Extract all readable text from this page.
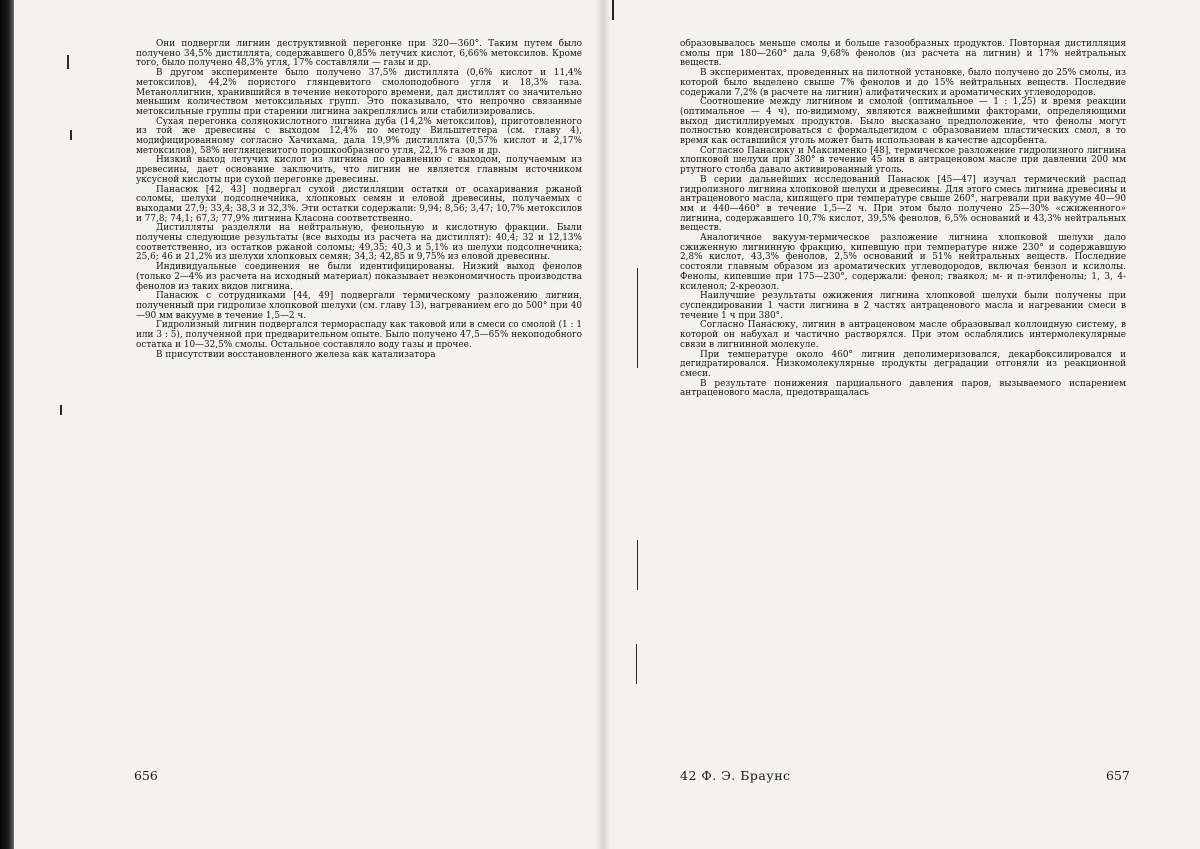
Они подвергли лигнин деструктивной перегонке при 320—360°. Таким путем было получено 34,5% дистиллята, содержавшего 0,85% летучих кислот, 6,66% метоксилов. Кроме того, было получено 48,3% угля, 17% составляли — газы и др.

В другом эксперименте было получено 37,5% дистиллята (0,6% кислот и 11,4% метоксилов), 44,2% пористого глянцевитого смолоподобного угля и 18,3% газа. Метаноллигнин, хранившийся в течение некоторого времени, дал дистиллят со значительно меньшим количеством метоксильных групп. Это показывало, что непрочно связанные метоксильные группы при старении лигнина закреплялись или стабилизировались.

Сухая перегонка солянокислотного лигнина дуба (14,2% метоксилов), приготовленного из той же древесины с выходом 12,4% по методу Вильштеттера (см. главу 4), модифицированному согласно Хачихама, дала 19,9% дистиллята (0,57% кислот и 2,17% метоксилов), 58% неглянцевитого порошкообразного угля, 22,1% газов и др.

Низкий выход летучих кислот из лигнина по сравнению с выходом, получаемым из древесины, дает основание заключить, что лигнин не является главным источником уксусной кислоты при сухой перегонке древесины.

Панасюк [42, 43] подвергал сухой дистилляции остатки от осахаривания ржаной соломы, шелухи подсолнечника, хлопковых семян и еловой древесины, получаемых с выходами 27,9; 33,4; 38,3 и 32,3%. Эти остатки содержали: 9,94; 8,56; 3,47; 10,7% метоксилов и 77,8; 74,1; 67,3; 77,9% лигнина Класона соответственно.

Дистилляты разделяли на нейтральную, фенольную и кислотную фракции. Были получены следующие результаты (все выходы из расчета на дистиллят): 40,4; 32 и 12,13% соответственно, из остатков ржаной соломы; 49,35; 40,3 и 5,1% из шелухи подсолнечника; 25,6; 46 и 21,2% из шелухи хлопковых семян; 34,3; 42,85 и 9,75% из еловой древесины.

Индивидуальные соединения не были идентифицированы. Низкий выход фенолов (только 2—4% из расчета на исходный материал) показывает неэкономичность производства фенолов из таких видов лигнина.

Панасюк с сотрудниками [44, 49] подвергали термическому разложению лигнин, полученный при гидролизе хлопковой шелухи (см. главу 13), нагреванием его до 500° при 40—90 мм вакууме в течение 1,5—2 ч.

Гидролизный лигнин подвергался термораспаду как таковой или в смеси со смолой (1 : 1 или 3 : 5), полученной при предварительном опыте. Было получено 47,5—65% некоподобного остатка и 10—32,5% смолы. Остальное составляло воду газы и прочее.

В присутствии восстановленного железа как катализатора

656

образовывалось меньше смолы и больше газообразных продуктов. Повторная дистилляция смолы при 180—260° дала 9,68% фенолов (из расчета на лигнин) и 17% нейтральных веществ.

В экспериментах, проведенных на пилотной установке, было получено до 25% смолы, из которой было выделено свыше 7% фенолов и до 15% нейтральных веществ. Последние содержали 7,2% (в расчете на лигнин) алифатических и ароматических углеводородов.

Соотношение между лигнином и смолой (оптимальное — 1 : 1,25) и время реакции (оптимальное — 4 ч), по-видимому, являются важнейшими факторами, определяющими выход дистиллируемых продуктов. Было высказано предположение, что фенолы могут полностью конденсироваться с формальдегидом с образованием пластических смол, в то время как оставшийся уголь может быть использован в качестве адсорбента.

Согласно Панасюку и Максименко [48], термическое разложение гидролизного лигнина хлопковой шелухи при 380° в течение 45 мин в антраценовом масле при давлении 200 мм ртутного столба давало активированный уголь.

В серии дальнейших исследований Панасюк [45—47] изучал термический распад гидролизного лигнина хлопковой шелухи и древесины. Для этого смесь лигнина древесины и антраценового масла, кипящего при температуре свыше 260°, нагревали при вакууме 40—90 мм и 440—460° в течение 1,5—2 ч. При этом было получено 25—30% «сжиженного» лигнина, содержавшего 10,7% кислот, 39,5% фенолов, 6,5% оснований и 43,3% нейтральных веществ.

Аналогичное вакуум-термическое разложение лигнина хлопковой шелухи дало сжиженную лигнинную фракцию, кипевшую при температуре ниже 230° и содержавшую 2,8% кислот, 43,3% фенолов, 2,5% оснований и 51% нейтральных веществ. Последние состояли главным образом из ароматических углеводородов, включая бензол и ксилолы. Фенолы, кипевшие при 175—230°, содержали: фенол; гваякол; м- и п-этилфенолы; 1, 3, 4-ксиленол; 2-креозол.

Наилучшие результаты ожижения лигнина хлопковой шелухи были получены при суспендировании 1 части лигнина в 2 частях антраценового масла и нагревании смеси в течение 1 ч при 380°.

Согласно Панасюку, лигнин в антраценовом масле образовывал коллоидную систему, в которой он набухал и частично растворялся. При этом ослаблялись интермолекулярные связи в лигнинной молекуле.

При температуре около 460° лигнин деполимеризовался, декарбоксилировался и дегидратировался. Низкомолекулярные продукты деградации отгоняли из реакционной смеси.

В результате понижения парциального давления паров, вызываемого испарением антраценового масла, предотвращалась

42 Ф. Э. Браунс	657
